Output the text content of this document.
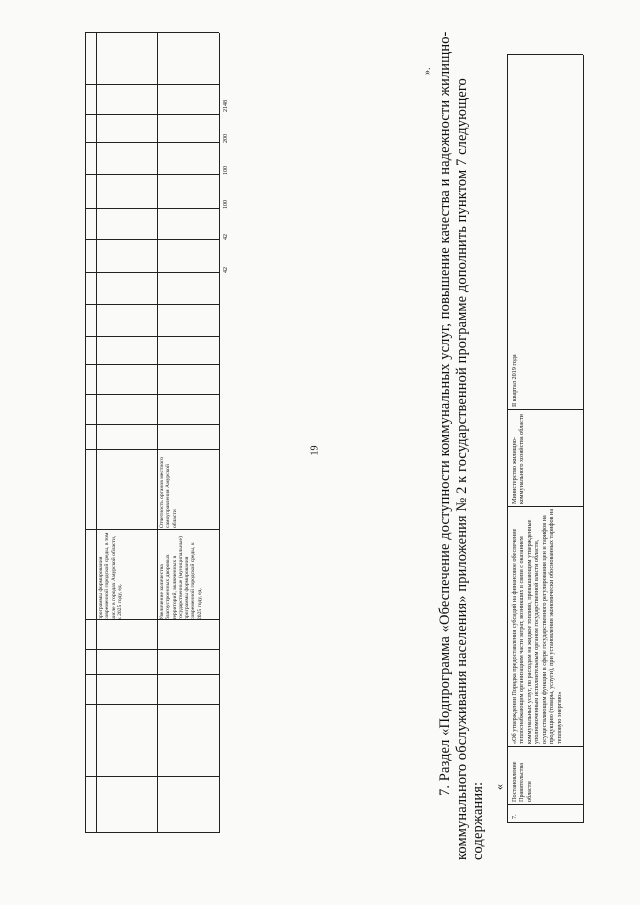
19
программы формирования современной городской среды, в том числе в городах Амурской области, к 2025 году, ед.	Увеличение количества благоустроенных дворовых территорий, включенных в государственные (муниципальные) программы формирования современной городской среды, к 2025 году, ед.
Отчетность органов местного самоуправления Амурской области
42
42
100
100
200
2148
». 7. Раздел «Подпрограмма «Обеспечение доступности коммунальных услуг, повышение качества и надежности жилищно-коммунального обслуживания населения» приложения № 2 к государственной программе дополнить пунктом 7 следующего содержания: «
7.
Постановление Правительства области
«Об утверждении Порядка предоставления субсидий на финансовое обеспечение теплоснабжающим организациям части затрат, возникших в связи с оказанием коммунальных услуг, по расходам на жидкое топливо, превышающим утвержденные уполномоченным исполнительным органом государственной власти области, осуществляющим функции в сфере государственного регулирования цен и тарифов на продукцию (товары, услуги), при установлении экономически обоснованных тарифов на тепловую энергию»
Министерство жилищно-коммунального хозяйства области
II квартал 2019 года
